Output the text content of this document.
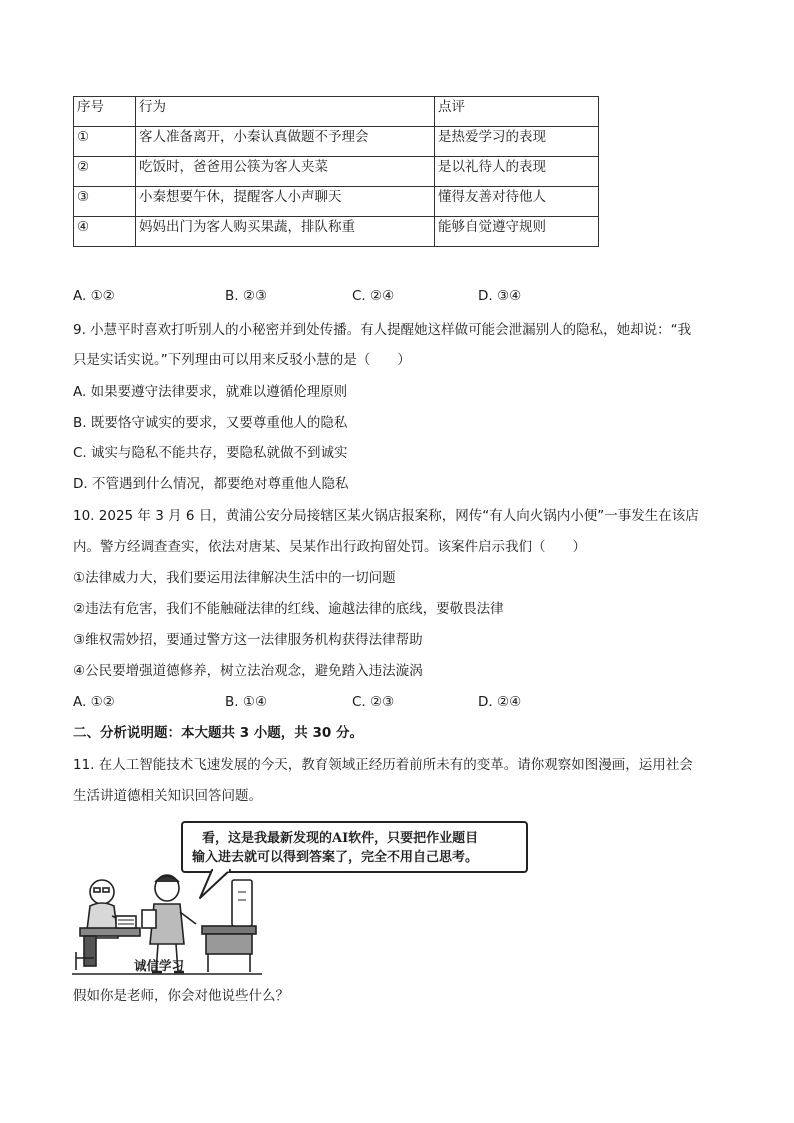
序号	行为	点评
①	客人准备离开，小秦认真做题不予理会	是热爱学习的表现
②	吃饭时，爸爸用公筷为客人夹菜	是以礼待人的表现
③	小秦想要午休，提醒客人小声聊天	懂得友善对待他人
④	妈妈出门为客人购买果蔬，排队称重	能够自觉遵守规则
A. ①②	B. ②③	C. ②④	D. ③④
9. 小慧平时喜欢打听别人的小秘密并到处传播。有人提醒她这样做可能会泄漏别人的隐私，她却说：“我
只是实话实说。”下列理由可以用来反驳小慧的是（　　）
A. 如果要遵守法律要求，就难以遵循伦理原则
B. 既要恪守诚实的要求，又要尊重他人的隐私
C. 诚实与隐私不能共存，要隐私就做不到诚实
D. 不管遇到什么情况，都要绝对尊重他人隐私
10. 2025 年 3 月 6 日，黄浦公安分局接辖区某火锅店报案称，网传“有人向火锅内小便”一事发生在该店
内。警方经调查查实，依法对唐某、吴某作出行政拘留处罚。该案件启示我们（　　）
①法律威力大，我们要运用法律解决生活中的一切问题
②违法有危害，我们不能触碰法律的红线、逾越法律的底线，要敬畏法律
③维权需妙招，要通过警方这一法律服务机构获得法律帮助
④公民要增强道德修养，树立法治观念，避免踏入违法漩涡
A. ①②	B. ①④	C. ②③	D. ②④
二、分析说明题：本大题共 3 小题，共 30 分。
11. 在人工智能技术飞速发展的今天，教育领域正经历着前所未有的变革。请你观察如图漫画，运用社会
生活讲道德相关知识回答问题。
看，这是我最新发现的AI软件，只要把作业题目
输入进去就可以得到答案了，完全不用自己思考。
诚信学习
假如你是老师，你会对他说些什么？
